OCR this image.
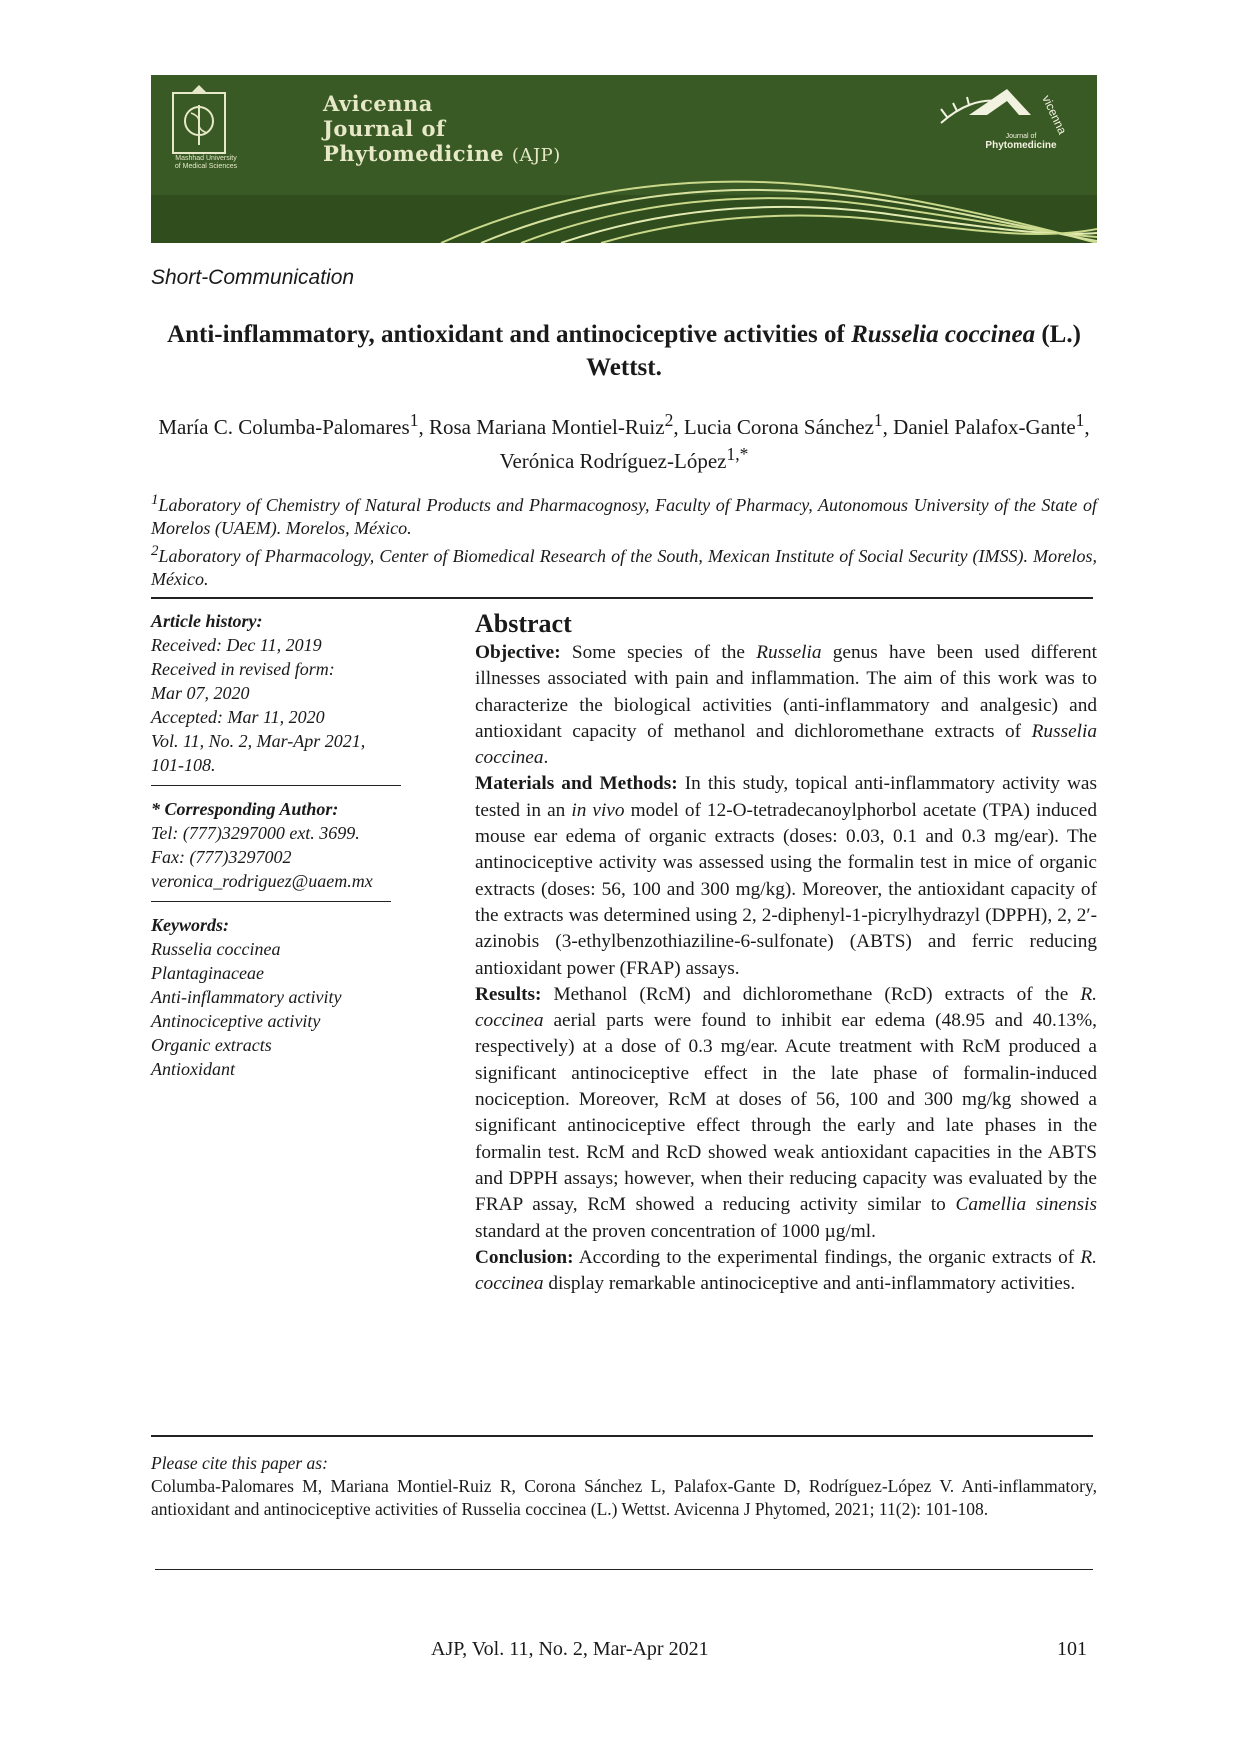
Avicenna
Journal of
Phytomedicine (AJP)
Mashhad University
of Medical Sciences
Journal of
Phytomedicine
vicenna
Short-Communication
Anti-inflammatory, antioxidant and antinociceptive activities of Russelia coccinea (L.) Wettst.
María C. Columba-Palomares$^1$, Rosa Mariana Montiel-Ruiz$^2$, Lucia Corona Sánchez$^1$, Daniel Palafox-Gante$^1$, Verónica Rodríguez-López$^{1,*}$
$^1$Laboratory of Chemistry of Natural Products and Pharmacognosy, Faculty of Pharmacy, Autonomous University of the State of Morelos (UAEM). Morelos, México.
$^2$Laboratory of Pharmacology, Center of Biomedical Research of the South, Mexican Institute of Social Security (IMSS). Morelos, México.
Article history:
Received: Dec 11, 2019
Received in revised form:
Mar 07, 2020
Accepted: Mar 11, 2020
Vol. 11, No. 2, Mar-Apr 2021,
101-108.
* Corresponding Author:
Tel: (777)3297000 ext. 3699.
Fax: (777)3297002
veronica_rodriguez@uaem.mx
Keywords:
Russelia coccinea
Plantaginaceae
Anti-inflammatory activity
Antinociceptive activity
Organic extracts
Antioxidant
Abstract

Objective: Some species of the Russelia genus have been used different illnesses associated with pain and inflammation. The aim of this work was to characterize the biological activities (anti-inflammatory and analgesic) and antioxidant capacity of methanol and dichloromethane extracts of Russelia coccinea.

Materials and Methods: In this study, topical anti-inflammatory activity was tested in an in vivo model of 12-O-tetradecanoylphorbol acetate (TPA) induced mouse ear edema of organic extracts (doses: 0.03, 0.1 and 0.3 mg/ear). The antinociceptive activity was assessed using the formalin test in mice of organic extracts (doses: 56, 100 and 300 mg/kg). Moreover, the antioxidant capacity of the extracts was determined using 2, 2-diphenyl-1-picrylhydrazyl (DPPH), 2, 2′-azinobis (3-ethylbenzothiaziline-6-sulfonate) (ABTS) and ferric reducing antioxidant power (FRAP) assays.

Results: Methanol (RcM) and dichloromethane (RcD) extracts of the R. coccinea aerial parts were found to inhibit ear edema (48.95 and 40.13%, respectively) at a dose of 0.3 mg/ear. Acute treatment with RcM produced a significant antinociceptive effect in the late phase of formalin-induced nociception. Moreover, RcM at doses of 56, 100 and 300 mg/kg showed a significant antinociceptive effect through the early and late phases in the formalin test. RcM and RcD showed weak antioxidant capacities in the ABTS and DPPH assays; however, when their reducing capacity was evaluated by the FRAP assay, RcM showed a reducing activity similar to Camellia sinensis standard at the proven concentration of 1000 µg/ml.

Conclusion: According to the experimental findings, the organic extracts of R. coccinea display remarkable antinociceptive and anti-inflammatory activities.

Please cite this paper as:
Columba-Palomares M, Mariana Montiel-Ruiz R, Corona Sánchez L, Palafox-Gante D, Rodríguez-López V. Anti-inflammatory, antioxidant and antinociceptive activities of Russelia coccinea (L.) Wettst. Avicenna J Phytomed, 2021; 11(2): 101-108.
AJP, Vol. 11, No. 2, Mar-Apr 2021	101
